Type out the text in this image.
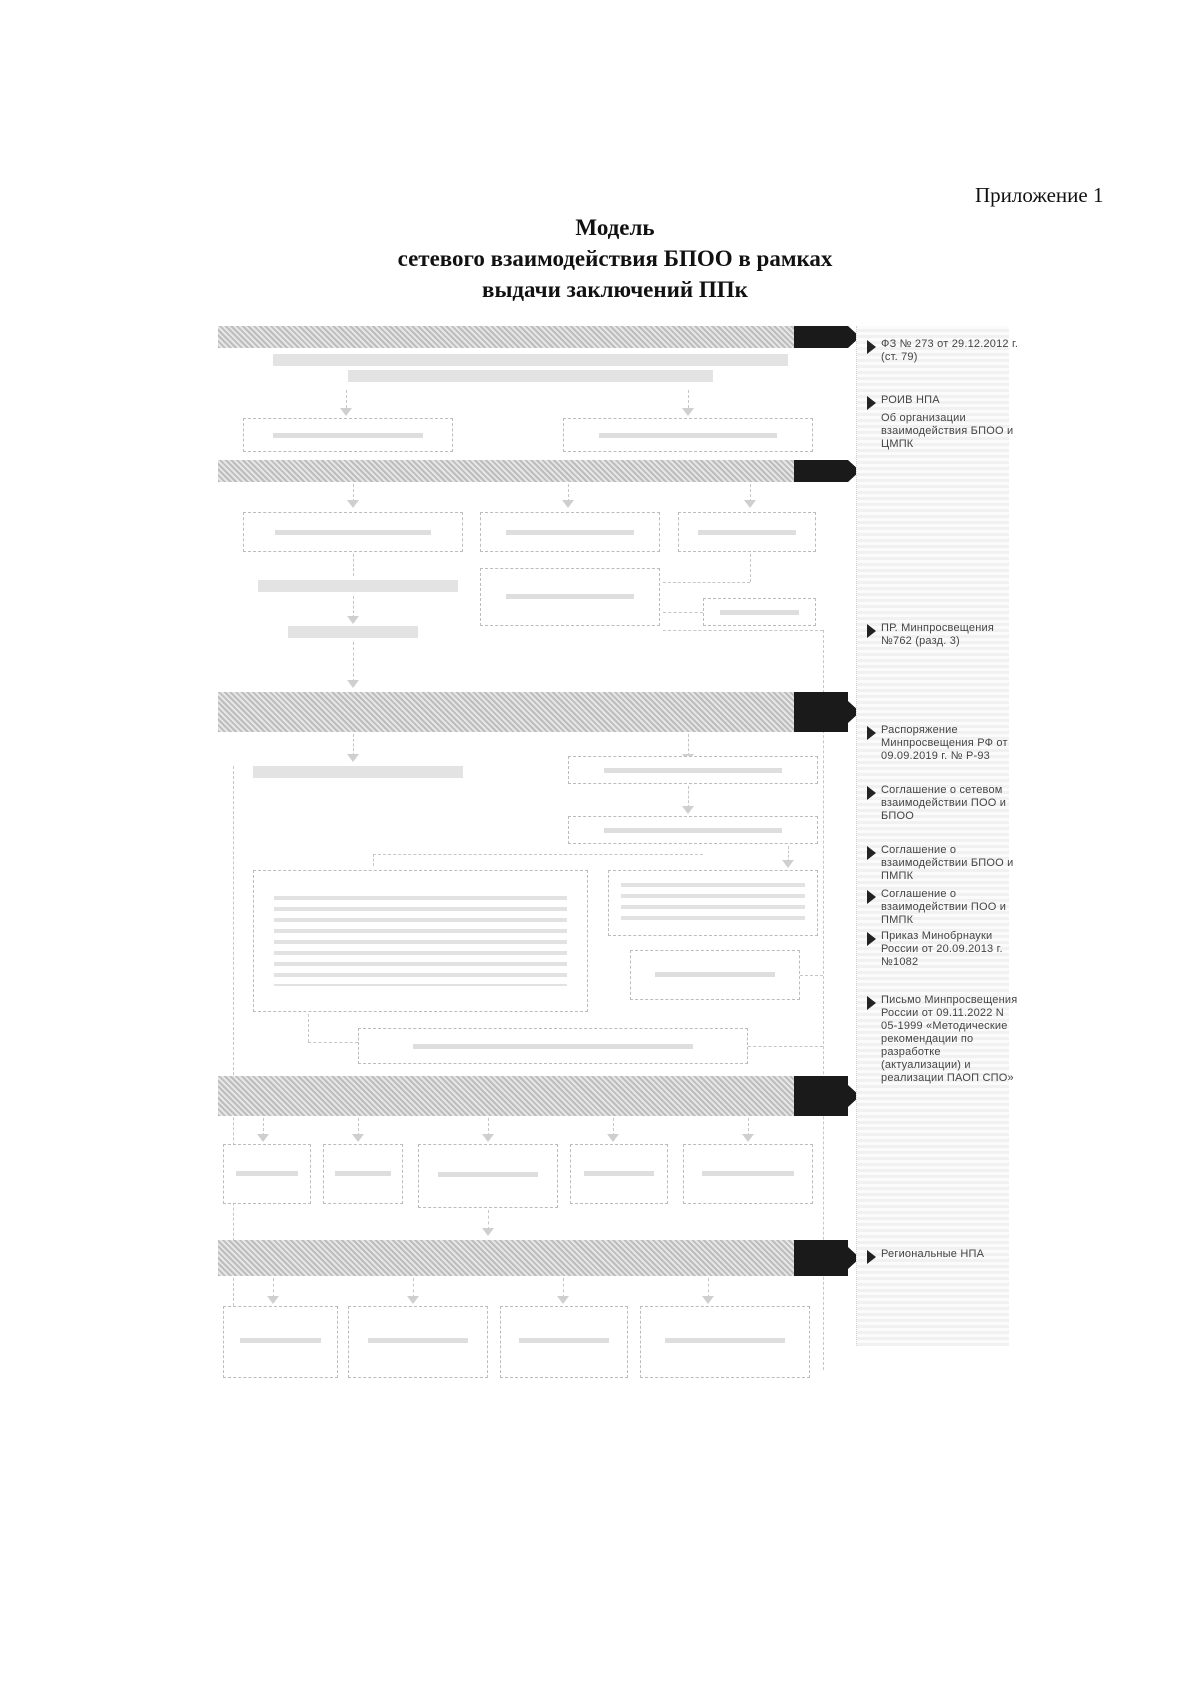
Приложение 1
Модель
сетевого взаимодействия БПОО в рамках
выдачи заключений ППк
ФЗ № 273 от 29.12.2012 г. (ст. 79)
РОИВ НПА
Об организации взаимодействия БПОО и ЦМПК
ПР. Минпросвещения №762 (разд. 3)
Распоряжение Минпросвещения РФ от 09.09.2019 г. № Р-93
Соглашение о сетевом взаимодействии ПОО и БПОО
Соглашение о взаимодействии БПОО и ПМПК
Соглашение о взаимодействии ПОО и ПМПК
Приказ Минобрнауки России от 20.09.2013 г. №1082
Письмо Минпросвещения России от 09.11.2022 N 05-1999 «Методические рекомендации по разработке (актуализации) и реализации ПАОП СПО»
Региональные НПА
